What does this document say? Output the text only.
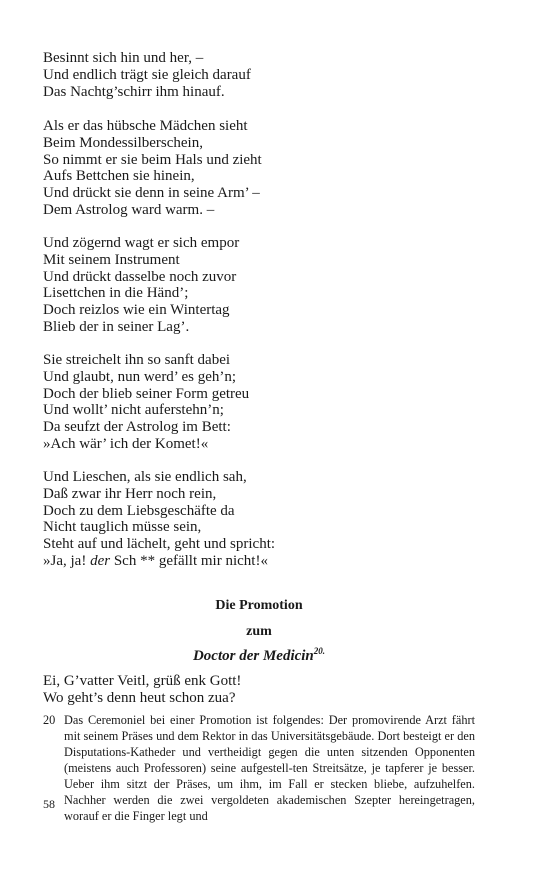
Besinnt sich hin und her, –
Und endlich trägt sie gleich darauf
Das Nachtg’schirr ihm hinauf.
Als er das hübsche Mädchen sieht
Beim Mondessilberschein,
So nimmt er sie beim Hals und zieht
Aufs Bettchen sie hinein,
Und drückt sie denn in seine Arm’ –
Dem Astrolog ward warm. –
Und zögernd wagt er sich empor
Mit seinem Instrument
Und drückt dasselbe noch zuvor
Lisettchen in die Händ’;
Doch reizlos wie ein Wintertag
Blieb der in seiner Lag’.
Sie streichelt ihn so sanft dabei
Und glaubt, nun werd’ es geh’n;
Doch der blieb seiner Form getreu
Und wollt’ nicht auferstehn’n;
Da seufzt der Astrolog im Bett:
»Ach wär’ ich der Komet!«
Und Lieschen, als sie endlich sah,
Daß zwar ihr Herr noch rein,
Doch zu dem Liebsgeschäfte da
Nicht tauglich müsse sein,
Steht auf und lächelt, geht und spricht:
»Ja, ja! der Sch ** gefällt mir nicht!«
Die Promotion
zum
Doctor der Medicin$^{20.}$
Ei, G’vatter Veitl, grüß enk Gott!
Wo geht’s denn heut schon zua?
20 Das Ceremoniel bei einer Promotion ist folgendes: Der promovirende Arzt fährt mit seinem Präses und dem Rektor in das Universitätsgebäude. Dort besteigt er den Disputations-Katheder und vertheidigt gegen die unten sitzenden Opponenten (meistens auch Professoren) seine aufgestell-ten Streitsätze, je tapferer je besser. Ueber ihm sitzt der Präses, um ihm, im Fall er stecken bliebe, aufzuhelfen. Nachher werden die zwei vergoldeten akademischen Szepter hereingetragen, worauf er die Finger legt und
58
